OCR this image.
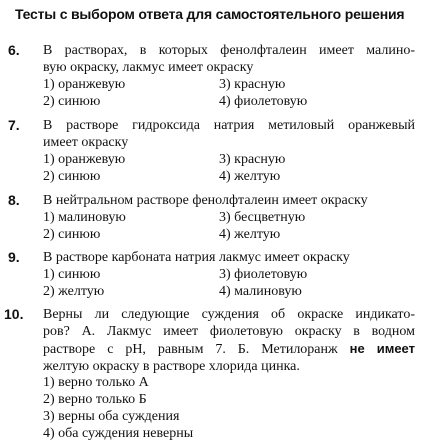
Тесты с выбором ответа для самостоятельного решения
6. В растворах, в которых фенолфталеин имеет малино-
вую окраску, лакмус имеет окраску
1) оранжевую
2) синюю
3) красную
4) фиолетовую
7. В растворе гидроксида натрия метиловый оранжевый
имеет окраску
1) оранжевую
2) синюю
3) красную
4) желтую
8. В нейтральном растворе фенолфталеин имеет окраску
1) малиновую
2) синюю
3) бесцветную
4) желтую
9. В растворе карбоната натрия лакмус имеет окраску
1) синюю
2) желтую
3) фиолетовую
4) малиновую
10. Верны ли следующие суждения об окраске индикато-
ров? А. Лакмус имеет фиолетовую окраску в водном
растворе с pH, равным 7. Б. Метилоранж не имеет
желтую окраску в растворе хлорида цинка.
1) верно только А
2) верно только Б
3) верны оба суждения
4) оба суждения неверны
